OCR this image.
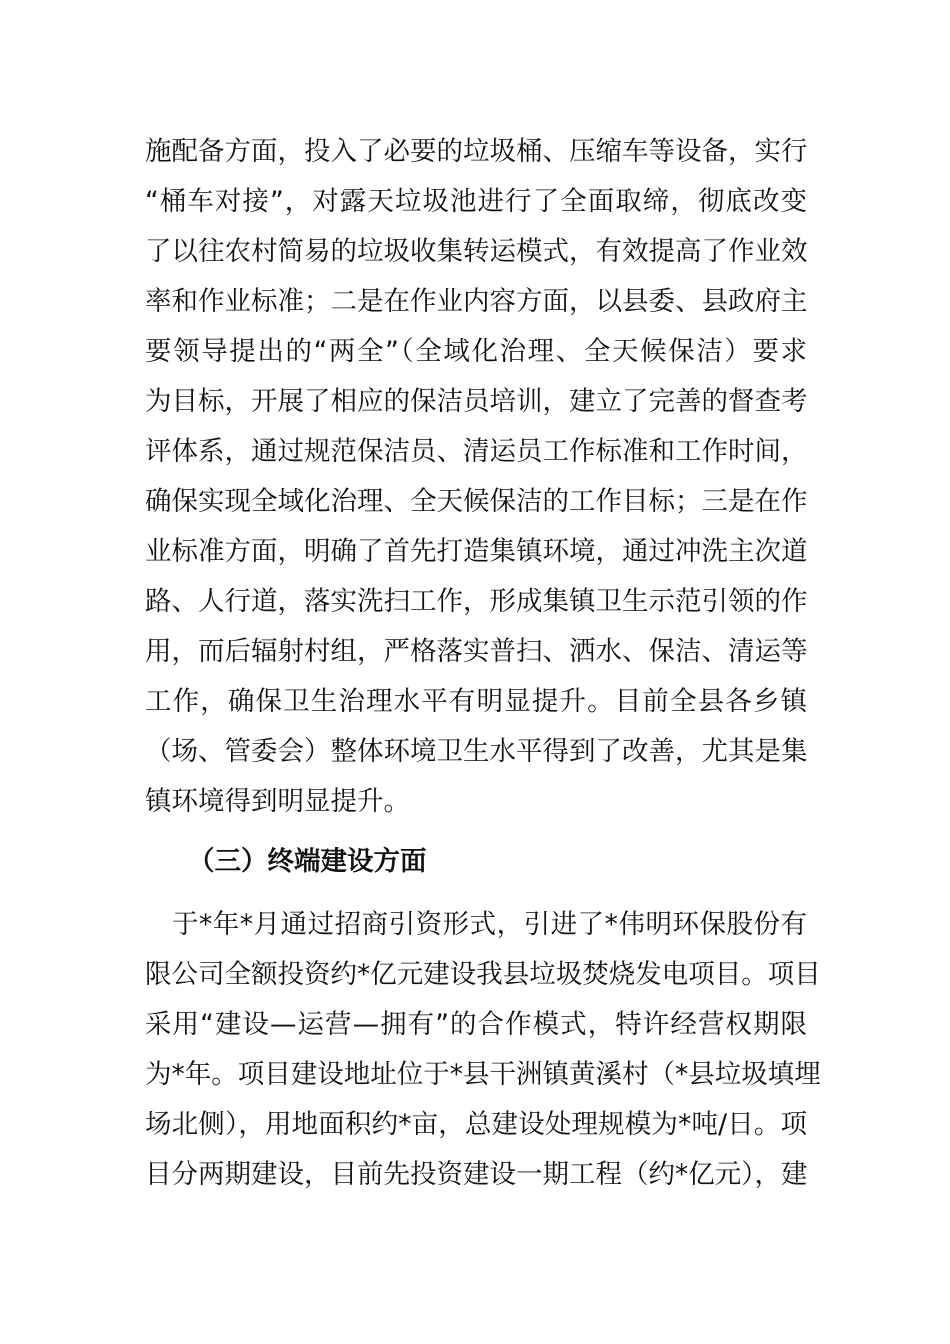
施配备方面，投入了必要的垃圾桶、压缩车等设备，实行
“桶车对接”，对露天垃圾池进行了全面取缔，彻底改变
了以往农村简易的垃圾收集转运模式，有效提高了作业效
率和作业标准；二是在作业内容方面，以县委、县政府主
要领导提出的“两全”（全域化治理、全天候保洁）要求
为目标，开展了相应的保洁员培训，建立了完善的督查考
评体系，通过规范保洁员、清运员工作标准和工作时间，
确保实现全域化治理、全天候保洁的工作目标；三是在作
业标准方面，明确了首先打造集镇环境，通过冲洗主次道
路、人行道，落实洗扫工作，形成集镇卫生示范引领的作
用，而后辐射村组，严格落实普扫、洒水、保洁、清运等
工作，确保卫生治理水平有明显提升。目前全县各乡镇
（场、管委会）整体环境卫生水平得到了改善，尤其是集
镇环境得到明显提升。
（三）终端建设方面
　于*年*月通过招商引资形式，引进了*伟明环保股份有
限公司全额投资约*亿元建设我县垃圾焚烧发电项目。项目
采用“建设—运营—拥有”的合作模式，特许经营权期限
为*年。项目建设地址位于*县干洲镇黄溪村（*县垃圾填埋
场北侧），用地面积约*亩，总建设处理规模为*吨/日。项
目分两期建设，目前先投资建设一期工程（约*亿元），建
